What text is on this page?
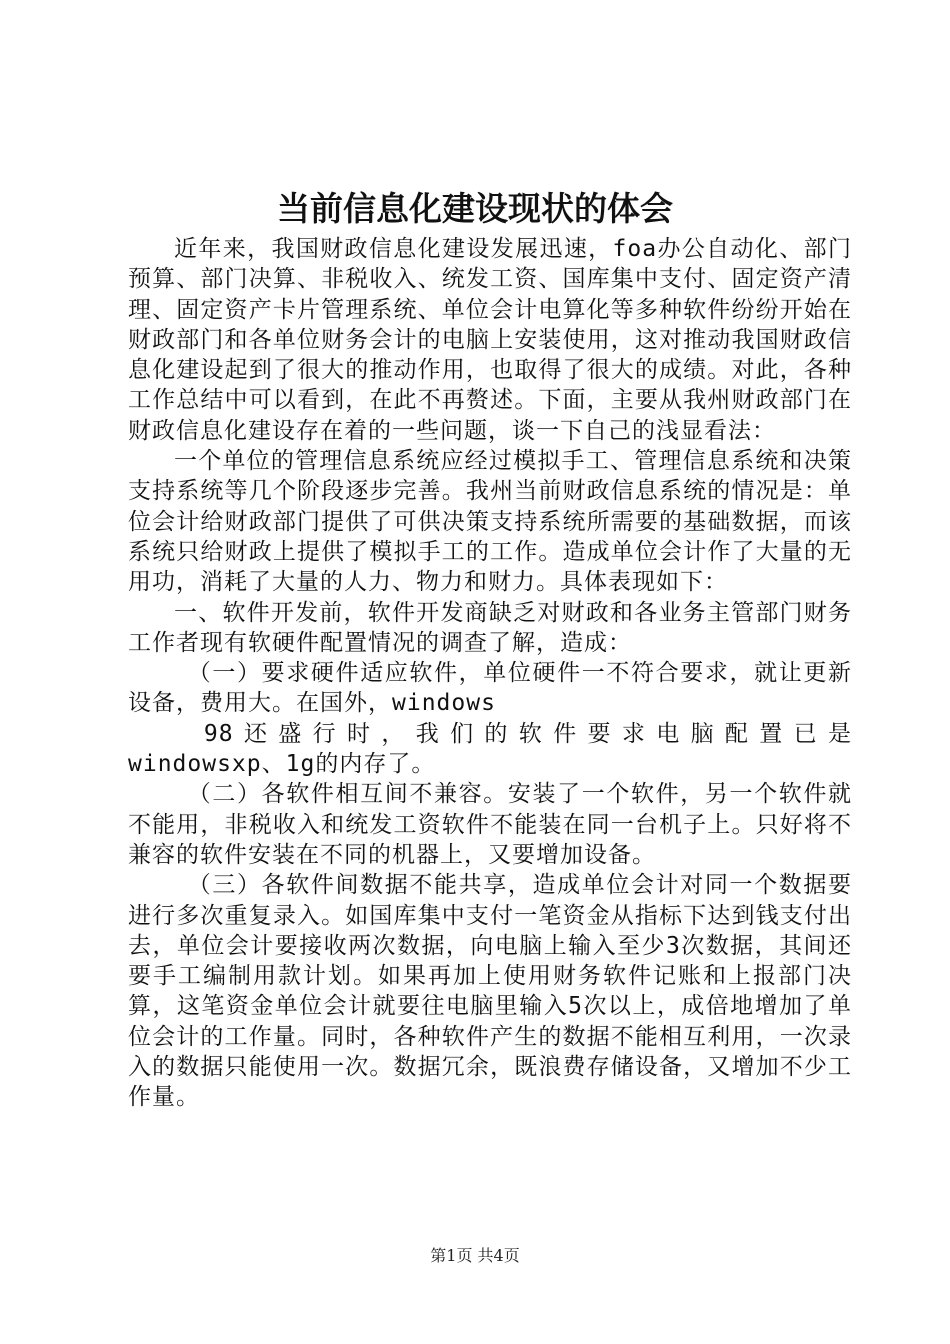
当前信息化建设现状的体会

近年来，我国财政信息化建设发展迅速，foa办公自动化、部门预算、部门决算、非税收入、统发工资、国库集中支付、固定资产清理、固定资产卡片管理系统、单位会计电算化等多种软件纷纷开始在财政部门和各单位财务会计的电脑上安装使用，这对推动我国财政信息化建设起到了很大的推动作用，也取得了很大的成绩。对此，各种工作总结中可以看到，在此不再赘述。下面，主要从我州财政部门在财政信息化建设存在着的一些问题，谈一下自己的浅显看法：

一个单位的管理信息系统应经过模拟手工、管理信息系统和决策支持系统等几个阶段逐步完善。我州当前财政信息系统的情况是：单位会计给财政部门提供了可供决策支持系统所需要的基础数据，而该系统只给财政上提供了模拟手工的工作。造成单位会计作了大量的无用功，消耗了大量的人力、物力和财力。具体表现如下：

一、软件开发前，软件开发商缺乏对财政和各业务主管部门财务工作者现有软硬件配置情况的调查了解，造成：

（一）要求硬件适应软件，单位硬件一不符合要求，就让更新设备，费用大。在国外，windows

98还盛行时，我们的软件要求电脑配置已是

windowsxp、1g的内存了。

（二）各软件相互间不兼容。安装了一个软件，另一个软件就不能用，非税收入和统发工资软件不能装在同一台机子上。只好将不兼容的软件安装在不同的机器上，又要增加设备。

（三）各软件间数据不能共享，造成单位会计对同一个数据要进行多次重复录入。如国库集中支付一笔资金从指标下达到钱支付出去，单位会计要接收两次数据，向电脑上输入至少3次数据，其间还要手工编制用款计划。如果再加上使用财务软件记账和上报部门决算，这笔资金单位会计就要往电脑里输入5次以上，成倍地增加了单位会计的工作量。同时，各种软件产生的数据不能相互利用，一次录入的数据只能使用一次。数据冗余，既浪费存储设备，又增加不少工作量。

第1页 共4页
